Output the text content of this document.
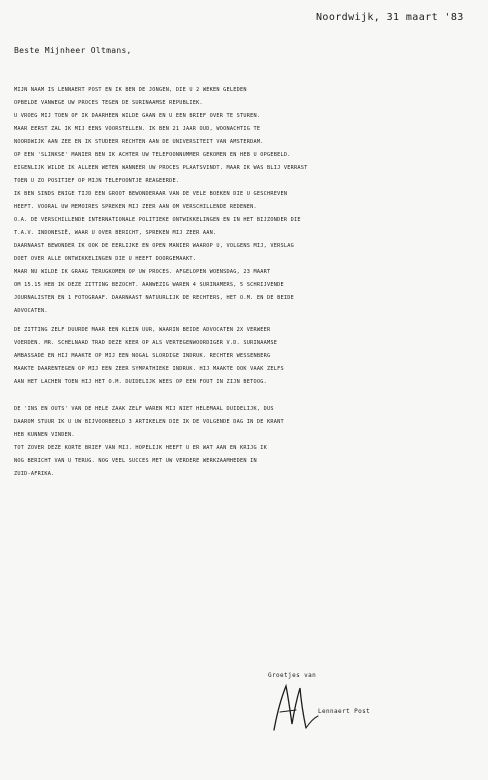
Noordwijk, 31 maart '83
Beste Mijnheer Oltmans,
MIJN NAAM IS LENNAERT POST EN IK BEN DE JONGEN, DIE U 2 WEKEN GELEDEN
OPBELDE VANWEGE UW PROCES TEGEN DE SURINAAMSE REPUBLIEK.
U VROEG MIJ TOEN OF IK DAARHEEN WILDE GAAN EN U EEN BRIEF OVER TE STUREN.
MAAR EERST ZAL IK MIJ EENS VOORSTELLEN. IK BEN 21 JAAR OUD, WOONACHTIG TE
NOORDWIJK AAN ZEE EN IK STUDEER RECHTEN AAN DE UNIVERSITEIT VAN AMSTERDAM.
OP EEN 'SLINKSE' MANIER BEN IK ACHTER UW TELEFOONNUMMER GEKOMEN EN HEB U OPGEBELD.
EIGENLIJK WILDE IK ALLEEN WETEN WANNEER UW PROCES PLAATSVINDT. MAAR IK WAS BLIJ VERRAST
TOEN U ZO POSITIEF OP MIJN TELEFOONTJE REAGEERDE.
IK BEN SINDS ENIGE TIJD EEN GROOT BEWONDERAAR VAN DE VELE BOEKEN DIE U GESCHREVEN
HEEFT. VOORAL UW MEMOIRES SPREKEN MIJ ZEER AAN OM VERSCHILLENDE REDENEN.
O.A. DE VERSCHILLENDE INTERNATIONALE POLITIEKE ONTWIKKELINGEN EN IN HET BIJZONDER DIE
T.A.V. INDONESIË, WAAR U OVER BERICHT, SPREKEN MIJ ZEER AAN.
DAARNAAST BEWONDER IK OOK DE EERLIJKE EN OPEN MANIER WAAROP U, VOLGENS MIJ, VERSLAG
DOET OVER ALLE ONTWIKKELINGEN DIE U HEEFT DOORGEMAAKT.
MAAR NU WILDE IK GRAAG TERUGKOMEN OP UW PROCES. AFGELOPEN WOENSDAG, 23 MAART
OM 15.15 HEB IK DEZE ZITTING BEZOCHT. AANWEZIG WAREN 4 SURINAMERS, 5 SCHRIJVENDE
JOURNALISTEN EN 1 FOTOGRAAF. DAARNAAST NATUURLIJK DE RECHTERS, HET O.M. EN DE BEIDE
ADVOCATEN.
DE ZITTING ZELF DUURDE MAAR EEN KLEIN UUR, WAARIN BEIDE ADVOCATEN 2X VERWEER
VOERDEN. MR. SCHELNAAD TRAD DEZE KEER OP ALS VERTEGENWOORDIGER V.D. SURINAAMSE
AMBASSADE EN HIJ MAAKTE OP MIJ EEN NOGAL SLORDIGE INDRUK. RECHTER WESSENBERG
MAAKTE DAARENTEGEN OP MIJ EEN ZEER SYMPATHIEKE INDRUK. HIJ MAAKTE OOK VAAK ZELFS
AAN HET LACHEN TOEN HIJ HET O.M. DUIDELIJK WEES OP EEN FOUT IN ZIJN BETOOG.
DE 'INS EN OUTS' VAN DE HELE ZAAK ZELF WAREN MIJ NIET HELEMAAL DUIDELIJK, DUS
DAAROM STUUR IK U UW BIJVOORBEELD 3 ARTIKELEN DIE IK DE VOLGENDE DAG IN DE KRANT
HEB KUNNEN VINDEN.
TOT ZOVER DEZE KORTE BRIEF VAN MIJ. HOPELIJK HEEFT U ER WAT AAN EN KRIJG IK
NOG BERICHT VAN U TERUG. NOG VEEL SUCCES MET UW VERDERE WERKZAAMHEDEN IN
ZUID-AFRIKA.
Groetjes van
Lennaert Post
